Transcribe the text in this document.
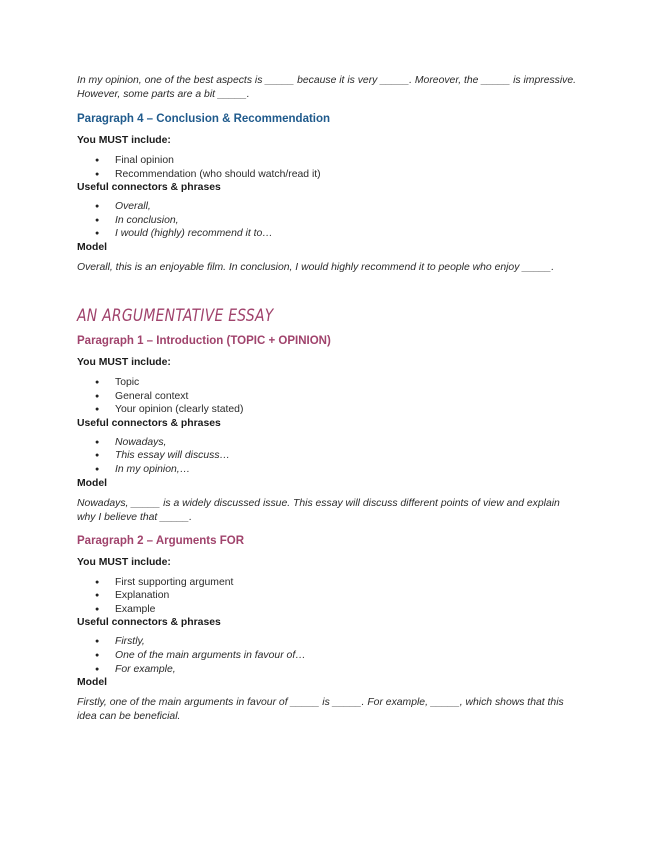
In my opinion, one of the best aspects is _____ because it is very _____. Moreover, the _____ is impressive. However, some parts are a bit _____.

Paragraph 4 – Conclusion & Recommendation

You MUST include:

● Final opinion
● Recommendation (who should watch/read it)

Useful connectors & phrases

● Overall,
● In conclusion,
● I would (highly) recommend it to…

Model

Overall, this is an enjoyable film. In conclusion, I would highly recommend it to people who enjoy _____.

AN ARGUMENTATIVE ESSAY

Paragraph 1 – Introduction (TOPIC + OPINION)

You MUST include:

● Topic
● General context
● Your opinion (clearly stated)

Useful connectors & phrases

● Nowadays,
● This essay will discuss…
● In my opinion,…

Model

Nowadays, _____ is a widely discussed issue. This essay will discuss different points of view and explain why I believe that _____.

Paragraph 2 – Arguments FOR

You MUST include:

● First supporting argument
● Explanation
● Example

Useful connectors & phrases

● Firstly,
● One of the main arguments in favour of…
● For example,

Model

Firstly, one of the main arguments in favour of _____ is _____. For example, _____, which shows that this idea can be beneficial.
